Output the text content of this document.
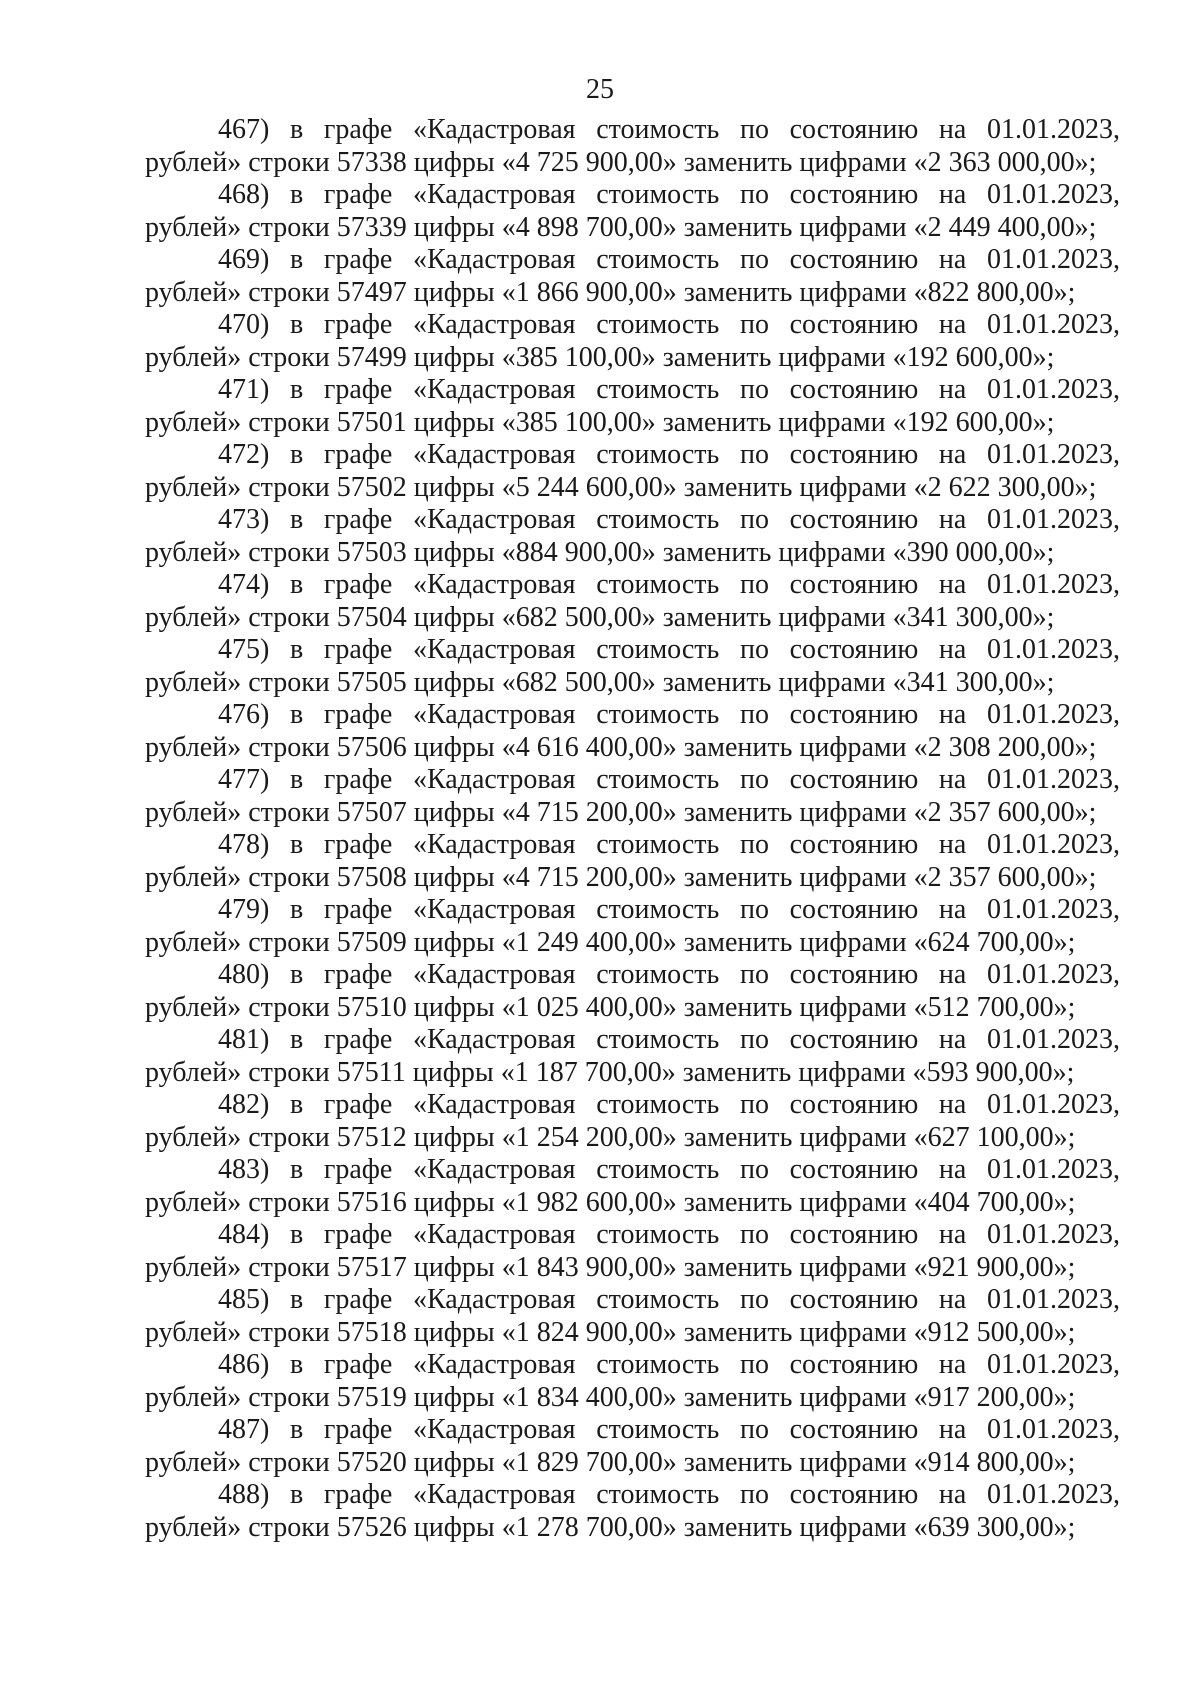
25
467) в графе «Кадастровая стоимость по состоянию на 01.01.2023,
рублей» строки 57338 цифры «4 725 900,00» заменить цифрами «2 363 000,00»;
468) в графе «Кадастровая стоимость по состоянию на 01.01.2023,
рублей» строки 57339 цифры «4 898 700,00» заменить цифрами «2 449 400,00»;
469) в графе «Кадастровая стоимость по состоянию на 01.01.2023,
рублей» строки 57497 цифры «1 866 900,00» заменить цифрами «822 800,00»;
470) в графе «Кадастровая стоимость по состоянию на 01.01.2023,
рублей» строки 57499 цифры «385 100,00» заменить цифрами «192 600,00»;
471) в графе «Кадастровая стоимость по состоянию на 01.01.2023,
рублей» строки 57501 цифры «385 100,00» заменить цифрами «192 600,00»;
472) в графе «Кадастровая стоимость по состоянию на 01.01.2023,
рублей» строки 57502 цифры «5 244 600,00» заменить цифрами «2 622 300,00»;
473) в графе «Кадастровая стоимость по состоянию на 01.01.2023,
рублей» строки 57503 цифры «884 900,00» заменить цифрами «390 000,00»;
474) в графе «Кадастровая стоимость по состоянию на 01.01.2023,
рублей» строки 57504 цифры «682 500,00» заменить цифрами «341 300,00»;
475) в графе «Кадастровая стоимость по состоянию на 01.01.2023,
рублей» строки 57505 цифры «682 500,00» заменить цифрами «341 300,00»;
476) в графе «Кадастровая стоимость по состоянию на 01.01.2023,
рублей» строки 57506 цифры «4 616 400,00» заменить цифрами «2 308 200,00»;
477) в графе «Кадастровая стоимость по состоянию на 01.01.2023,
рублей» строки 57507 цифры «4 715 200,00» заменить цифрами «2 357 600,00»;
478) в графе «Кадастровая стоимость по состоянию на 01.01.2023,
рублей» строки 57508 цифры «4 715 200,00» заменить цифрами «2 357 600,00»;
479) в графе «Кадастровая стоимость по состоянию на 01.01.2023,
рублей» строки 57509 цифры «1 249 400,00» заменить цифрами «624 700,00»;
480) в графе «Кадастровая стоимость по состоянию на 01.01.2023,
рублей» строки 57510 цифры «1 025 400,00» заменить цифрами «512 700,00»;
481) в графе «Кадастровая стоимость по состоянию на 01.01.2023,
рублей» строки 57511 цифры «1 187 700,00» заменить цифрами «593 900,00»;
482) в графе «Кадастровая стоимость по состоянию на 01.01.2023,
рублей» строки 57512 цифры «1 254 200,00» заменить цифрами «627 100,00»;
483) в графе «Кадастровая стоимость по состоянию на 01.01.2023,
рублей» строки 57516 цифры «1 982 600,00» заменить цифрами «404 700,00»;
484) в графе «Кадастровая стоимость по состоянию на 01.01.2023,
рублей» строки 57517 цифры «1 843 900,00» заменить цифрами «921 900,00»;
485) в графе «Кадастровая стоимость по состоянию на 01.01.2023,
рублей» строки 57518 цифры «1 824 900,00» заменить цифрами «912 500,00»;
486) в графе «Кадастровая стоимость по состоянию на 01.01.2023,
рублей» строки 57519 цифры «1 834 400,00» заменить цифрами «917 200,00»;
487) в графе «Кадастровая стоимость по состоянию на 01.01.2023,
рублей» строки 57520 цифры «1 829 700,00» заменить цифрами «914 800,00»;
488) в графе «Кадастровая стоимость по состоянию на 01.01.2023,
рублей» строки 57526 цифры «1 278 700,00» заменить цифрами «639 300,00»;
